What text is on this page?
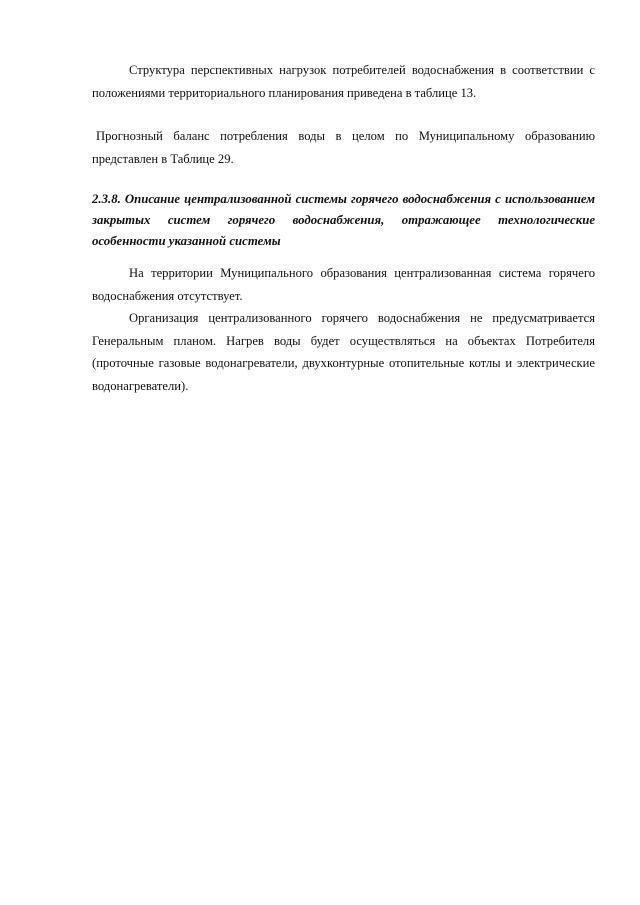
Структура перспективных нагрузок потребителей водоснабжения в соответствии с положениями территориального планирования приведена в таблице 13.

Прогнозный баланс потребления воды в целом по Муниципальному образованию представлен в Таблице 29.

2.3.8. Описание централизованной системы горячего водоснабжения с использованием закрытых систем горячего водоснабжения, отражающее технологические особенности указанной системы

На территории Муниципального образования централизованная система горячего водоснабжения отсутствует.

Организация централизованного горячего водоснабжения не предусматривается Генеральным планом. Нагрев воды будет осуществляться на объектах Потребителя (проточные газовые водонагреватели, двухконтурные отопительные котлы и электрические водонагреватели).
